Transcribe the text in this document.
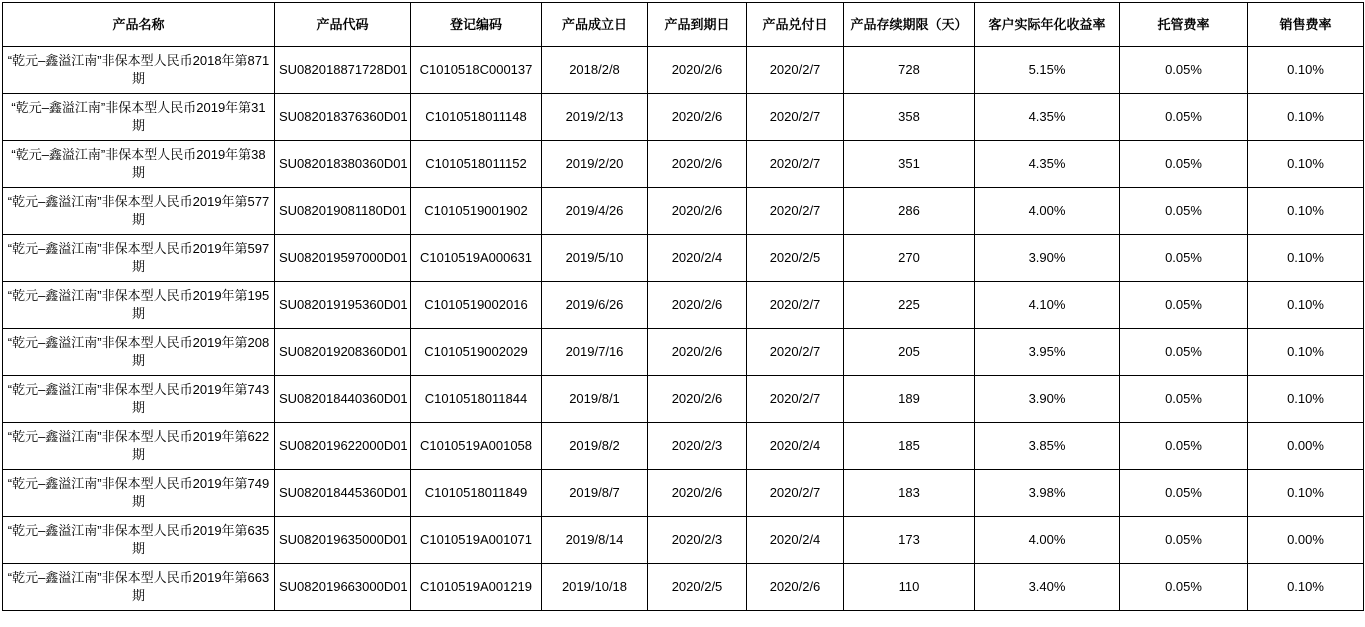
产品名称	产品代码	登记编码	产品成立日	产品到期日	产品兑付日	产品存续期限（天）	客户实际年化收益率	托管费率	销售费率
“乾元–鑫溢江南”非保本型人民币2018年第871期	SU082018871728D01	C1010518C000137	2018/2/8	2020/2/6	2020/2/7	728	5.15%	0.05%	0.10%
“乾元–鑫溢江南”非保本型人民币2019年第31期	SU082018376360D01	C1010518011148	2019/2/13	2020/2/6	2020/2/7	358	4.35%	0.05%	0.10%
“乾元–鑫溢江南”非保本型人民币2019年第38期	SU082018380360D01	C1010518011152	2019/2/20	2020/2/6	2020/2/7	351	4.35%	0.05%	0.10%
“乾元–鑫溢江南”非保本型人民币2019年第577期	SU082019081180D01	C1010519001902	2019/4/26	2020/2/6	2020/2/7	286	4.00%	0.05%	0.10%
“乾元–鑫溢江南”非保本型人民币2019年第597期	SU082019597000D01	C1010519A000631	2019/5/10	2020/2/4	2020/2/5	270	3.90%	0.05%	0.10%
“乾元–鑫溢江南”非保本型人民币2019年第195期	SU082019195360D01	C1010519002016	2019/6/26	2020/2/6	2020/2/7	225	4.10%	0.05%	0.10%
“乾元–鑫溢江南”非保本型人民币2019年第208期	SU082019208360D01	C1010519002029	2019/7/16	2020/2/6	2020/2/7	205	3.95%	0.05%	0.10%
“乾元–鑫溢江南”非保本型人民币2019年第743期	SU082018440360D01	C1010518011844	2019/8/1	2020/2/6	2020/2/7	189	3.90%	0.05%	0.10%
“乾元–鑫溢江南”非保本型人民币2019年第622期	SU082019622000D01	C1010519A001058	2019/8/2	2020/2/3	2020/2/4	185	3.85%	0.05%	0.00%
“乾元–鑫溢江南”非保本型人民币2019年第749期	SU082018445360D01	C1010518011849	2019/8/7	2020/2/6	2020/2/7	183	3.98%	0.05%	0.10%
“乾元–鑫溢江南”非保本型人民币2019年第635期	SU082019635000D01	C1010519A001071	2019/8/14	2020/2/3	2020/2/4	173	4.00%	0.05%	0.00%
“乾元–鑫溢江南”非保本型人民币2019年第663期	SU082019663000D01	C1010519A001219	2019/10/18	2020/2/5	2020/2/6	110	3.40%	0.05%	0.10%
